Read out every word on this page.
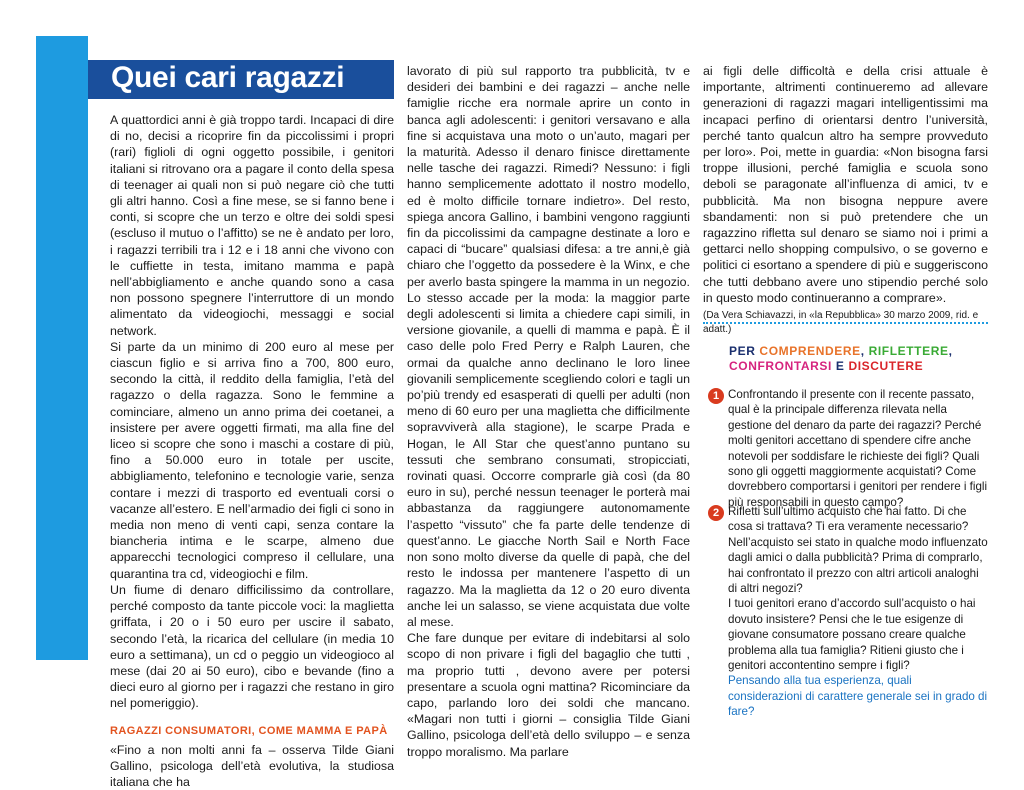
Quei cari ragazzi

A quattordici anni è già troppo tardi. Incapaci di dire di no, decisi a ricoprire fin da piccolissimi i propri (rari) figlioli di ogni oggetto possibile, i genitori italiani si ritrovano ora a pagare il conto della spesa di teenager ai quali non si può negare ciò che tutti gli altri hanno. Così a fine mese, se si fanno bene i conti, si scopre che un terzo e oltre dei soldi spesi (escluso il mutuo o l’affitto) se ne è andato per loro, i ragazzi terribili tra i 12 e i 18 anni che vivono con le cuffiette in testa, imitano mamma e papà nell’abbigliamento e anche quando sono a casa non possono spegnere l’interruttore di un mondo alimentato da videogiochi, messaggi e social network.

Si parte da un minimo di 200 euro al mese per ciascun figlio e si arriva fino a 700, 800 euro, secondo la città, il reddito della famiglia, l’età del ragazzo o della ragazza. Sono le femmine a cominciare, almeno un anno prima dei coetanei, a insistere per avere oggetti firmati, ma alla fine del liceo si scopre che sono i maschi a costare di più, fino a 50.000 euro in totale per uscite, abbigliamento, telefonino e tecnologie varie, senza contare i mezzi di trasporto ed eventuali corsi o vacanze all’estero. E nell’armadio dei figli ci sono in media non meno di venti capi, senza contare la biancheria intima e le scarpe, almeno due apparecchi tecnologici compreso il cellulare, una quarantina tra cd, videogiochi e film.

Un fiume di denaro difficilissimo da controllare, perché composto da tante piccole voci: la maglietta griffata, i 20 o i 50 euro per uscire il sabato, secondo l’età, la ricarica del cellulare (in media 10 euro a settimana), un cd o peggio un videogioco al mese (dai 20 ai 50 euro), cibo e bevande (fino a dieci euro al giorno per i ragazzi che restano in giro nel pomeriggio).

RAGAZZI CONSUMATORI, COME MAMMA E PAPÀ

«Fino a non molti anni fa – osserva Tilde Giani Gallino, psicologa dell’età evolutiva, la studiosa italiana che ha

lavorato di più sul rapporto tra pubblicità, tv e desideri dei bambini e dei ragazzi – anche nelle famiglie ricche era normale aprire un conto in banca agli adolescenti: i genitori versavano e alla fine si acquistava una moto o un’auto, magari per la maturità. Adesso il denaro finisce direttamente nelle tasche dei ragazzi. Rimedi? Nessuno: i figli hanno semplicemente adottato il nostro modello, ed è molto difficile tornare indietro». Del resto, spiega ancora Gallino, i bambini vengono raggiunti fin da piccolissimi da campagne destinate a loro e capaci di “bucare” qualsiasi difesa: a tre anni,è già chiaro che l’oggetto da possedere è la Winx, e che per averlo basta spingere la mamma in un negozio. Lo stesso accade per la moda: la maggior parte degli adolescenti si limita a chiedere capi simili, in versione giovanile, a quelli di mamma e papà. È il caso delle polo Fred Perry e Ralph Lauren, che ormai da qualche anno declinano le loro linee giovanili semplicemente scegliendo colori e tagli un po’più trendy ed esasperati di quelli per adulti (non meno di 60 euro per una maglietta che difficilmente sopravviverà alla stagione), le scarpe Prada e Hogan, le All Star che quest’anno puntano su tessuti che sembrano consumati, stropicciati, rovinati quasi. Occorre comprarle già così (da 80 euro in su), perché nessun teenager le porterà mai abbastanza da raggiungere autonomamente l’aspetto “vissuto” che fa parte delle tendenze di quest’anno. Le giacche North Sail e North Face non sono molto diverse da quelle di papà, che del resto le indossa per mantenere l’aspetto di un ragazzo. Ma la maglietta da 12 o 20 euro diventa anche lei un salasso, se viene acquistata due volte al mese.

Che fare dunque per evitare di indebitarsi al solo scopo di non privare i figli del bagaglio che tutti , ma proprio tutti , devono avere per potersi presentare a scuola ogni mattina? Ricominciare da capo, parlando loro dei soldi che mancano. «Magari non tutti i giorni – consiglia Tilde Giani Gallino, psicologa dell’età dello sviluppo – e senza troppo moralismo. Ma parlare

ai figli delle difficoltà e della crisi attuale è importante, altrimenti continueremo ad allevare generazioni di ragazzi magari intelligentissimi ma incapaci perfino di orientarsi dentro l’università, perché tanto qualcun altro ha sempre provveduto per loro». Poi, mette in guardia: «Non bisogna farsi troppe illusioni, perché famiglia e scuola sono deboli se paragonate all’influenza di amici, tv e pubblicità. Ma non bisogna neppure avere sbandamenti: non si può pretendere che un ragazzino rifletta sul denaro se siamo noi i primi a gettarci nello shopping compulsivo, o se governo e politici ci esortano a spendere di più e suggeriscono che tutti debbano avere uno stipendio perché solo in questo modo continueranno a comprare».

(Da Vera Schiavazzi, in «la Repubblica» 30 marzo 2009, rid. e adatt.)

PER COMPRENDERE, RIFLETTERE,
CONFRONTARSI E DISCUTERE
1 Confrontando il presente con il recente passato, qual è la principale differenza rilevata nella gestione del denaro da parte dei ragazzi? Perché molti genitori accettano di spendere cifre anche notevoli per soddisfare le richieste dei figli? Quali sono gli oggetti maggiormente acquistati? Come dovrebbero comportarsi i genitori per rendere i figli più responsabili in questo campo?

2 Rifletti sull’ultimo acquisto che hai fatto. Di che cosa si trattava? Ti era veramente necessario? Nell’acquisto sei stato in qualche modo influenzato dagli amici o dalla pubblicità? Prima di comprarlo, hai confrontato il prezzo con altri articoli analoghi di altri negozi?

I tuoi genitori erano d’accordo sull’acquisto o hai dovuto insistere? Pensi che le tue esigenze di giovane consumatore possano creare qualche problema alla tua famiglia? Ritieni giusto che i genitori accontentino sempre i figli?

Pensando alla tua esperienza, quali considerazioni di carattere generale sei in grado di fare?
